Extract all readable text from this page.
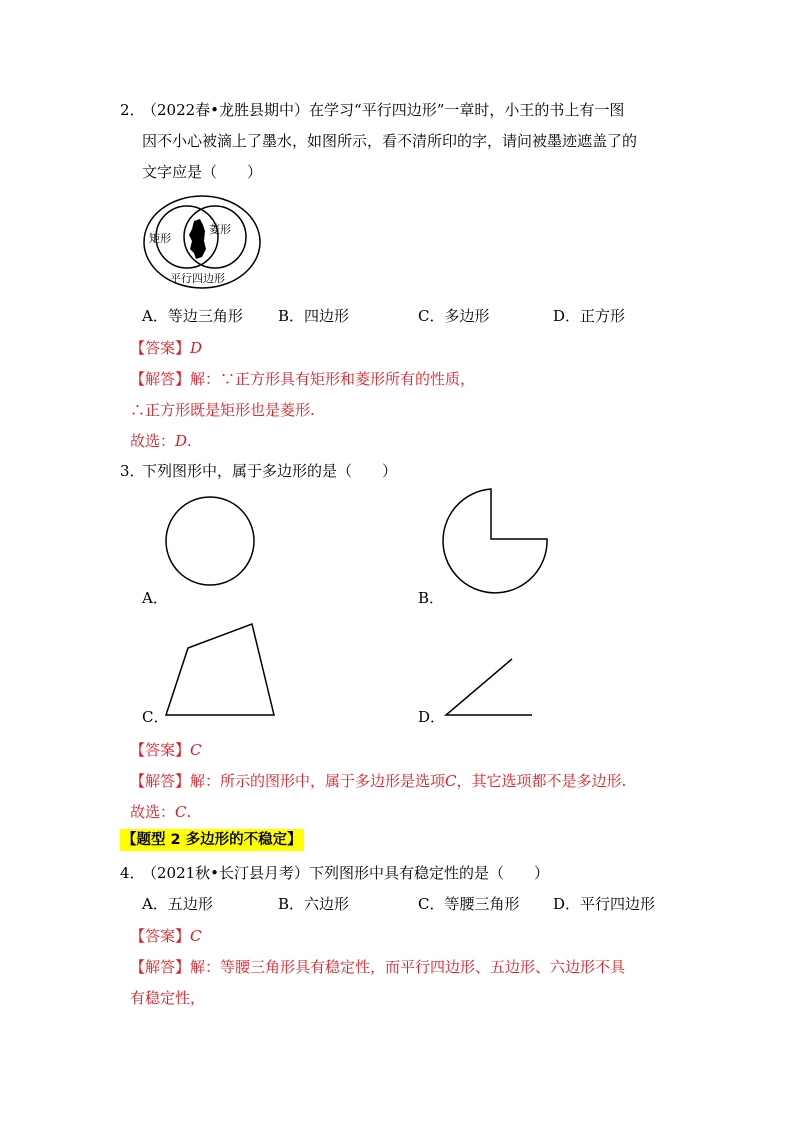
2．
（2022春•龙胜县期中）在学习“平行四边形”一章时，小王的书上有一图
因不小心被滴上了墨水，如图所示，看不清所印的字，请问被墨迹遮盖了的
文字应是（　　）
矩形
菱形
平行四边形
A．等边三角形 B．四边形	C．多边形	D．正方形
【答案】D
【解答】解：∵正方形具有矩形和菱形所有的性质，
∴正方形既是矩形也是菱形.
故选：D.
3．
下列图形中，属于多边形的是（　　）
A．	B．
C．	D．
【答案】C
【解答】解：所示的图形中，属于多边形是选项C，其它选项都不是多边形.
故选：C.
【题型 2 多边形的不稳定】
4．
（2021秋•长汀县月考）下列图形中具有稳定性的是（　　）
A．五边形	B．六边形	C．等腰三角形 D．平行四边形
【答案】C
【解答】解：等腰三角形具有稳定性，而平行四边形、五边形、六边形不具
有稳定性，
